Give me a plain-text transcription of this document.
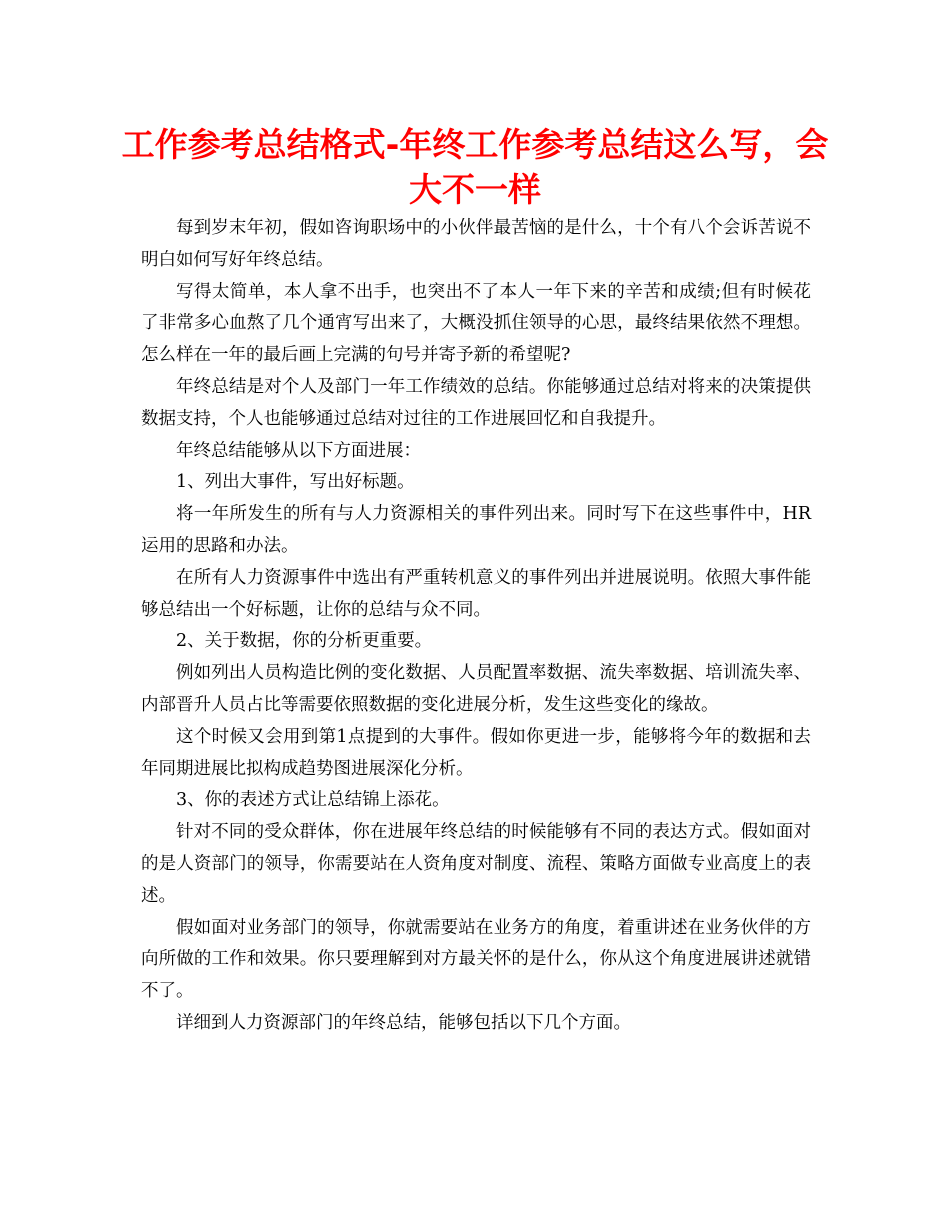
工作参考总结格式-年终工作参考总结这么写，会大不一样

每到岁末年初，假如咨询职场中的小伙伴最苦恼的是什么，十个有八个会诉苦说不明白如何写好年终总结。

写得太简单，本人拿不出手，也突出不了本人一年下来的辛苦和成绩;但有时候花了非常多心血熬了几个通宵写出来了，大概没抓住领导的心思，最终结果依然不理想。怎么样在一年的最后画上完满的句号并寄予新的希望呢?

年终总结是对个人及部门一年工作绩效的总结。你能够通过总结对将来的决策提供数据支持，个人也能够通过总结对过往的工作进展回忆和自我提升。

年终总结能够从以下方面进展：

1、列出大事件，写出好标题。

将一年所发生的所有与人力资源相关的事件列出来。同时写下在这些事件中，HR运用的思路和办法。

在所有人力资源事件中选出有严重转机意义的事件列出并进展说明。依照大事件能够总结出一个好标题，让你的总结与众不同。

2、关于数据，你的分析更重要。

例如列出人员构造比例的变化数据、人员配置率数据、流失率数据、培训流失率、内部晋升人员占比等需要依照数据的变化进展分析，发生这些变化的缘故。

这个时候又会用到第1点提到的大事件。假如你更进一步，能够将今年的数据和去年同期进展比拟构成趋势图进展深化分析。

3、你的表述方式让总结锦上添花。

针对不同的受众群体，你在进展年终总结的时候能够有不同的表达方式。假如面对的是人资部门的领导，你需要站在人资角度对制度、流程、策略方面做专业高度上的表述。

假如面对业务部门的领导，你就需要站在业务方的角度，着重讲述在业务伙伴的方向所做的工作和效果。你只要理解到对方最关怀的是什么，你从这个角度进展讲述就错不了。

详细到人力资源部门的年终总结，能够包括以下几个方面。
